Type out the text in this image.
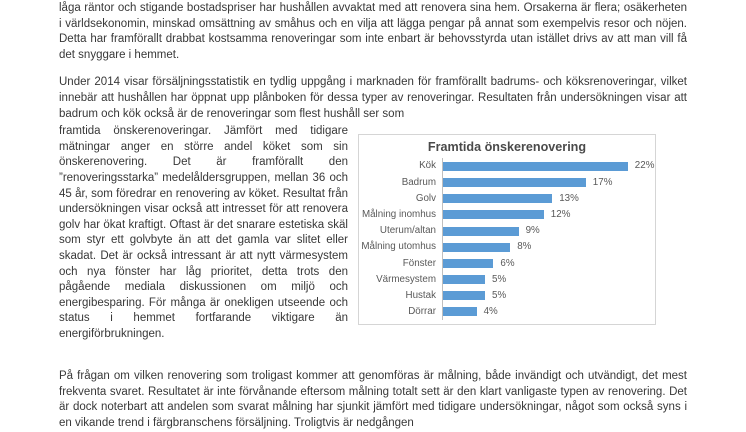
låga räntor och stigande bostadspriser har hushållen avvaktat med att renovera sina hem. Orsakerna är flera; osäkerheten i världsekonomin, minskad omsättning av småhus och en vilja att lägga pengar på annat som exempelvis resor och nöjen. Detta har framförallt drabbat kostsamma renoveringar som inte enbart är behovsstyrda utan istället drivs av att man vill få det snyggare i hemmet.

Under 2014 visar försäljningsstatistik en tydlig uppgång i marknaden för framförallt badrums- och köksrenoveringar, vilket innebär att hushållen har öppnat upp plånboken för dessa typer av renoveringar. Resultaten från undersökningen visar att badrum och kök också är de renoveringar som flest hushåll ser som

Framtida önskerenovering
Kök	22%
Badrum	17%
Golv	13%
Målning inomhus	12%
Uterum/altan	9%
Målning utomhus	8%
Fönster	6%
Värmesystem	5%
Hustak	5%
Dörrar	4%

framtida önskerenoveringar. Jämfört med tidigare mätningar anger en större andel köket som sin önskerenovering. Det är framförallt den ”renoveringsstarka” medelåldersgruppen, mellan 36 och 45 år, som föredrar en renovering av köket. Resultat från undersökningen visar också att intresset för att renovera golv har ökat kraftigt. Oftast är det snarare estetiska skäl som styr ett golvbyte än att det gamla var slitet eller skadat. Det är också intressant är att nytt värmesystem och nya fönster har låg prioritet, detta trots den pågående mediala diskussionen om miljö och energibesparing. För många är onekligen utseende och status i hemmet fortfarande viktigare än energiförbrukningen.

På frågan om vilken renovering som troligast kommer att genomföras är målning, både invändigt och utvändigt, det mest frekventa svaret. Resultatet är inte förvånande eftersom målning totalt sett är den klart vanligaste typen av renovering. Det är dock noterbart att andelen som svarat målning har sjunkit jämfört med tidigare undersökningar, något som också syns i en vikande trend i färgbranschens försäljning. Troligtvis är nedgången
